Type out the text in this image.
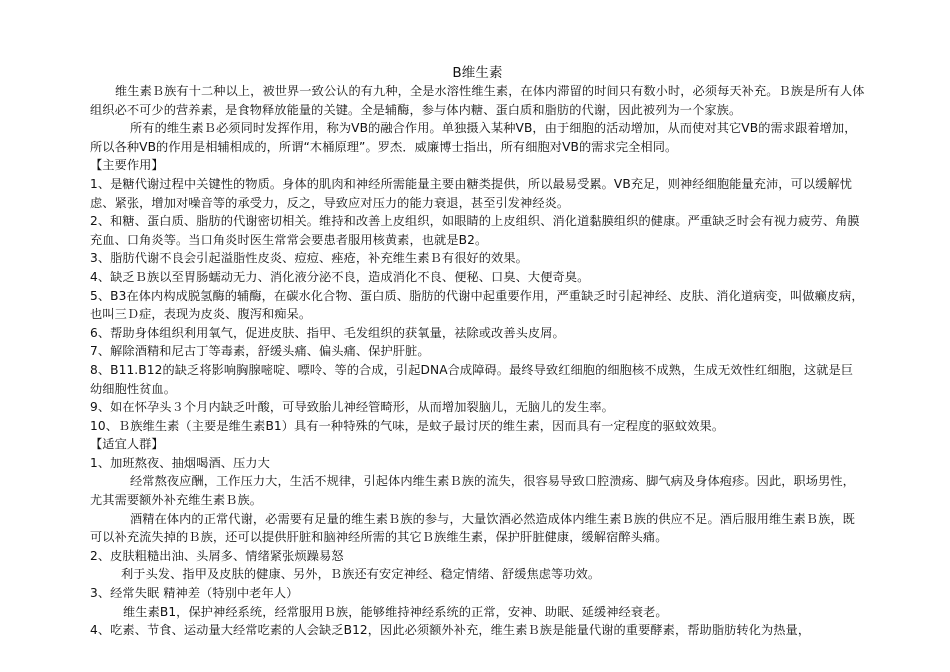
B维生素

维生素Ｂ族有十二种以上，被世界一致公认的有九种，全是水溶性维生素，在体内滞留的时间只有数小时，必须每天补充。Ｂ族是所有人体组织必不可少的营养素，是食物释放能量的关键。全是辅酶，参与体内糖、蛋白质和脂肪的代谢，因此被列为一个家族。

所有的维生素Ｂ必须同时发挥作用，称为VB的融合作用。单独摄入某种VB，由于细胞的活动增加，从而使对其它VB的需求跟着增加，所以各种VB的作用是相辅相成的，所谓“木桶原理”。罗杰．威廉博士指出，所有细胞对VB的需求完全相同。

【主要作用】

1、是糖代谢过程中关键性的物质。身体的肌肉和神经所需能量主要由糖类提供，所以最易受累。VB充足，则神经细胞能量充沛，可以缓解忧虑、紧张，增加对噪音等的承受力，反之，导致应对压力的能力衰退，甚至引发神经炎。

2、和糖、蛋白质、脂肪的代谢密切相关。维持和改善上皮组织，如眼睛的上皮组织、消化道黏膜组织的健康。严重缺乏时会有视力疲劳、角膜充血、口角炎等。当口角炎时医生常常会要患者服用核黄素，也就是B2。

3、脂肪代谢不良会引起溢脂性皮炎、痘痘、痤疮，补充维生素Ｂ有很好的效果。

4、缺乏Ｂ族以至胃肠蠕动无力、消化液分泌不良，造成消化不良、便秘、口臭、大便奇臭。

5、B3在体内构成脱氢酶的辅酶，在碳水化合物、蛋白质、脂肪的代谢中起重要作用，严重缺乏时引起神经、皮肤、消化道病变，叫做癞皮病，也叫三Ｄ症，表现为皮炎、腹泻和痴呆。

6、帮助身体组织利用氧气，促进皮肤、指甲、毛发组织的获氧量，祛除或改善头皮屑。

7、解除酒精和尼古丁等毒素，舒缓头痛、偏头痛、保护肝脏。

8、B11.B12的缺乏将影响胸腺嘧啶、嘌呤、等的合成，引起DNA合成障碍。最终导致红细胞的细胞核不成熟，生成无效性红细胞，这就是巨幼细胞性贫血。

9、如在怀孕头３个月内缺乏叶酸，可导致胎儿神经管畸形，从而增加裂脑儿，无脑儿的发生率。

10、Ｂ族维生素（主要是维生素B1）具有一种特殊的气味，是蚊子最讨厌的维生素，因而具有一定程度的驱蚊效果。

【适宜人群】

1、加班熬夜、抽烟喝酒、压力大

经常熬夜应酬，工作压力大，生活不规律，引起体内维生素Ｂ族的流失，很容易导致口腔溃疡、脚气病及身体疱疹。因此，职场男性，尤其需要额外补充维生素Ｂ族。

酒精在体内的正常代谢，必需要有足量的维生素Ｂ族的参与，大量饮酒必然造成体内维生素Ｂ族的供应不足。酒后服用维生素Ｂ族，既可以补充流失掉的Ｂ族，还可以提供肝脏和脑神经所需的其它Ｂ族维生素，保护肝脏健康，缓解宿醉头痛。

2、皮肤粗糙出油、头屑多、情绪紧张烦躁易怒

利于头发、指甲及皮肤的健康、另外，Ｂ族还有安定神经、稳定情绪、舒缓焦虑等功效。

3、经常失眠 精神差（特别中老年人）

维生素B1，保护神经系统，经常服用Ｂ族，能够维持神经系统的正常，安神、助眠、延缓神经衰老。

4、吃素、节食、运动量大经常吃素的人会缺乏B12，因此必须额外补充，维生素Ｂ族是能量代谢的重要酵素，帮助脂肪转化为热量，
